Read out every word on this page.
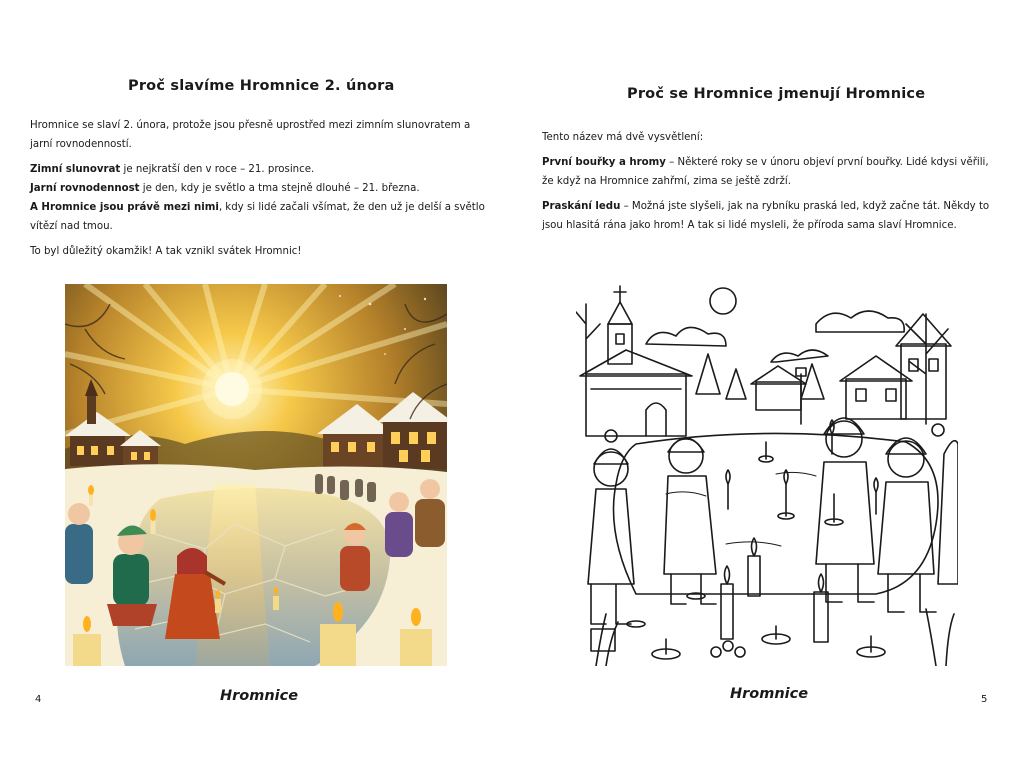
Proč slavíme Hromnice 2. února

Hromnice se slaví 2. února, protože jsou přesně uprostřed mezi zimním slunovratem a jarní rovnodenností.

Zimní slunovrat je nejkratší den v roce – 21. prosince.
Jarní rovnodennost je den, kdy je světlo a tma stejně dlouhé – 21. března.
A Hromnice jsou právě mezi nimi, kdy si lidé začali všímat, že den už je delší a světlo vítězí nad tmou.

To byl důležitý okamžik! A tak vznikl svátek Hromnic!

Hromnice
4
Proč se Hromnice jmenují Hromnice

Tento název má dvě vysvětlení:

První bouřky a hromy – Některé roky se v únoru objeví první bouřky. Lidé kdysi věřili, že když na Hromnice zahřmí, zima se ještě zdrží.

Praskání ledu – Možná jste slyšeli, jak na rybníku praská led, když začne tát. Někdy to jsou hlasitá rána jako hrom! A tak si lidé mysleli, že příroda sama slaví Hromnice.

Hromnice	5
